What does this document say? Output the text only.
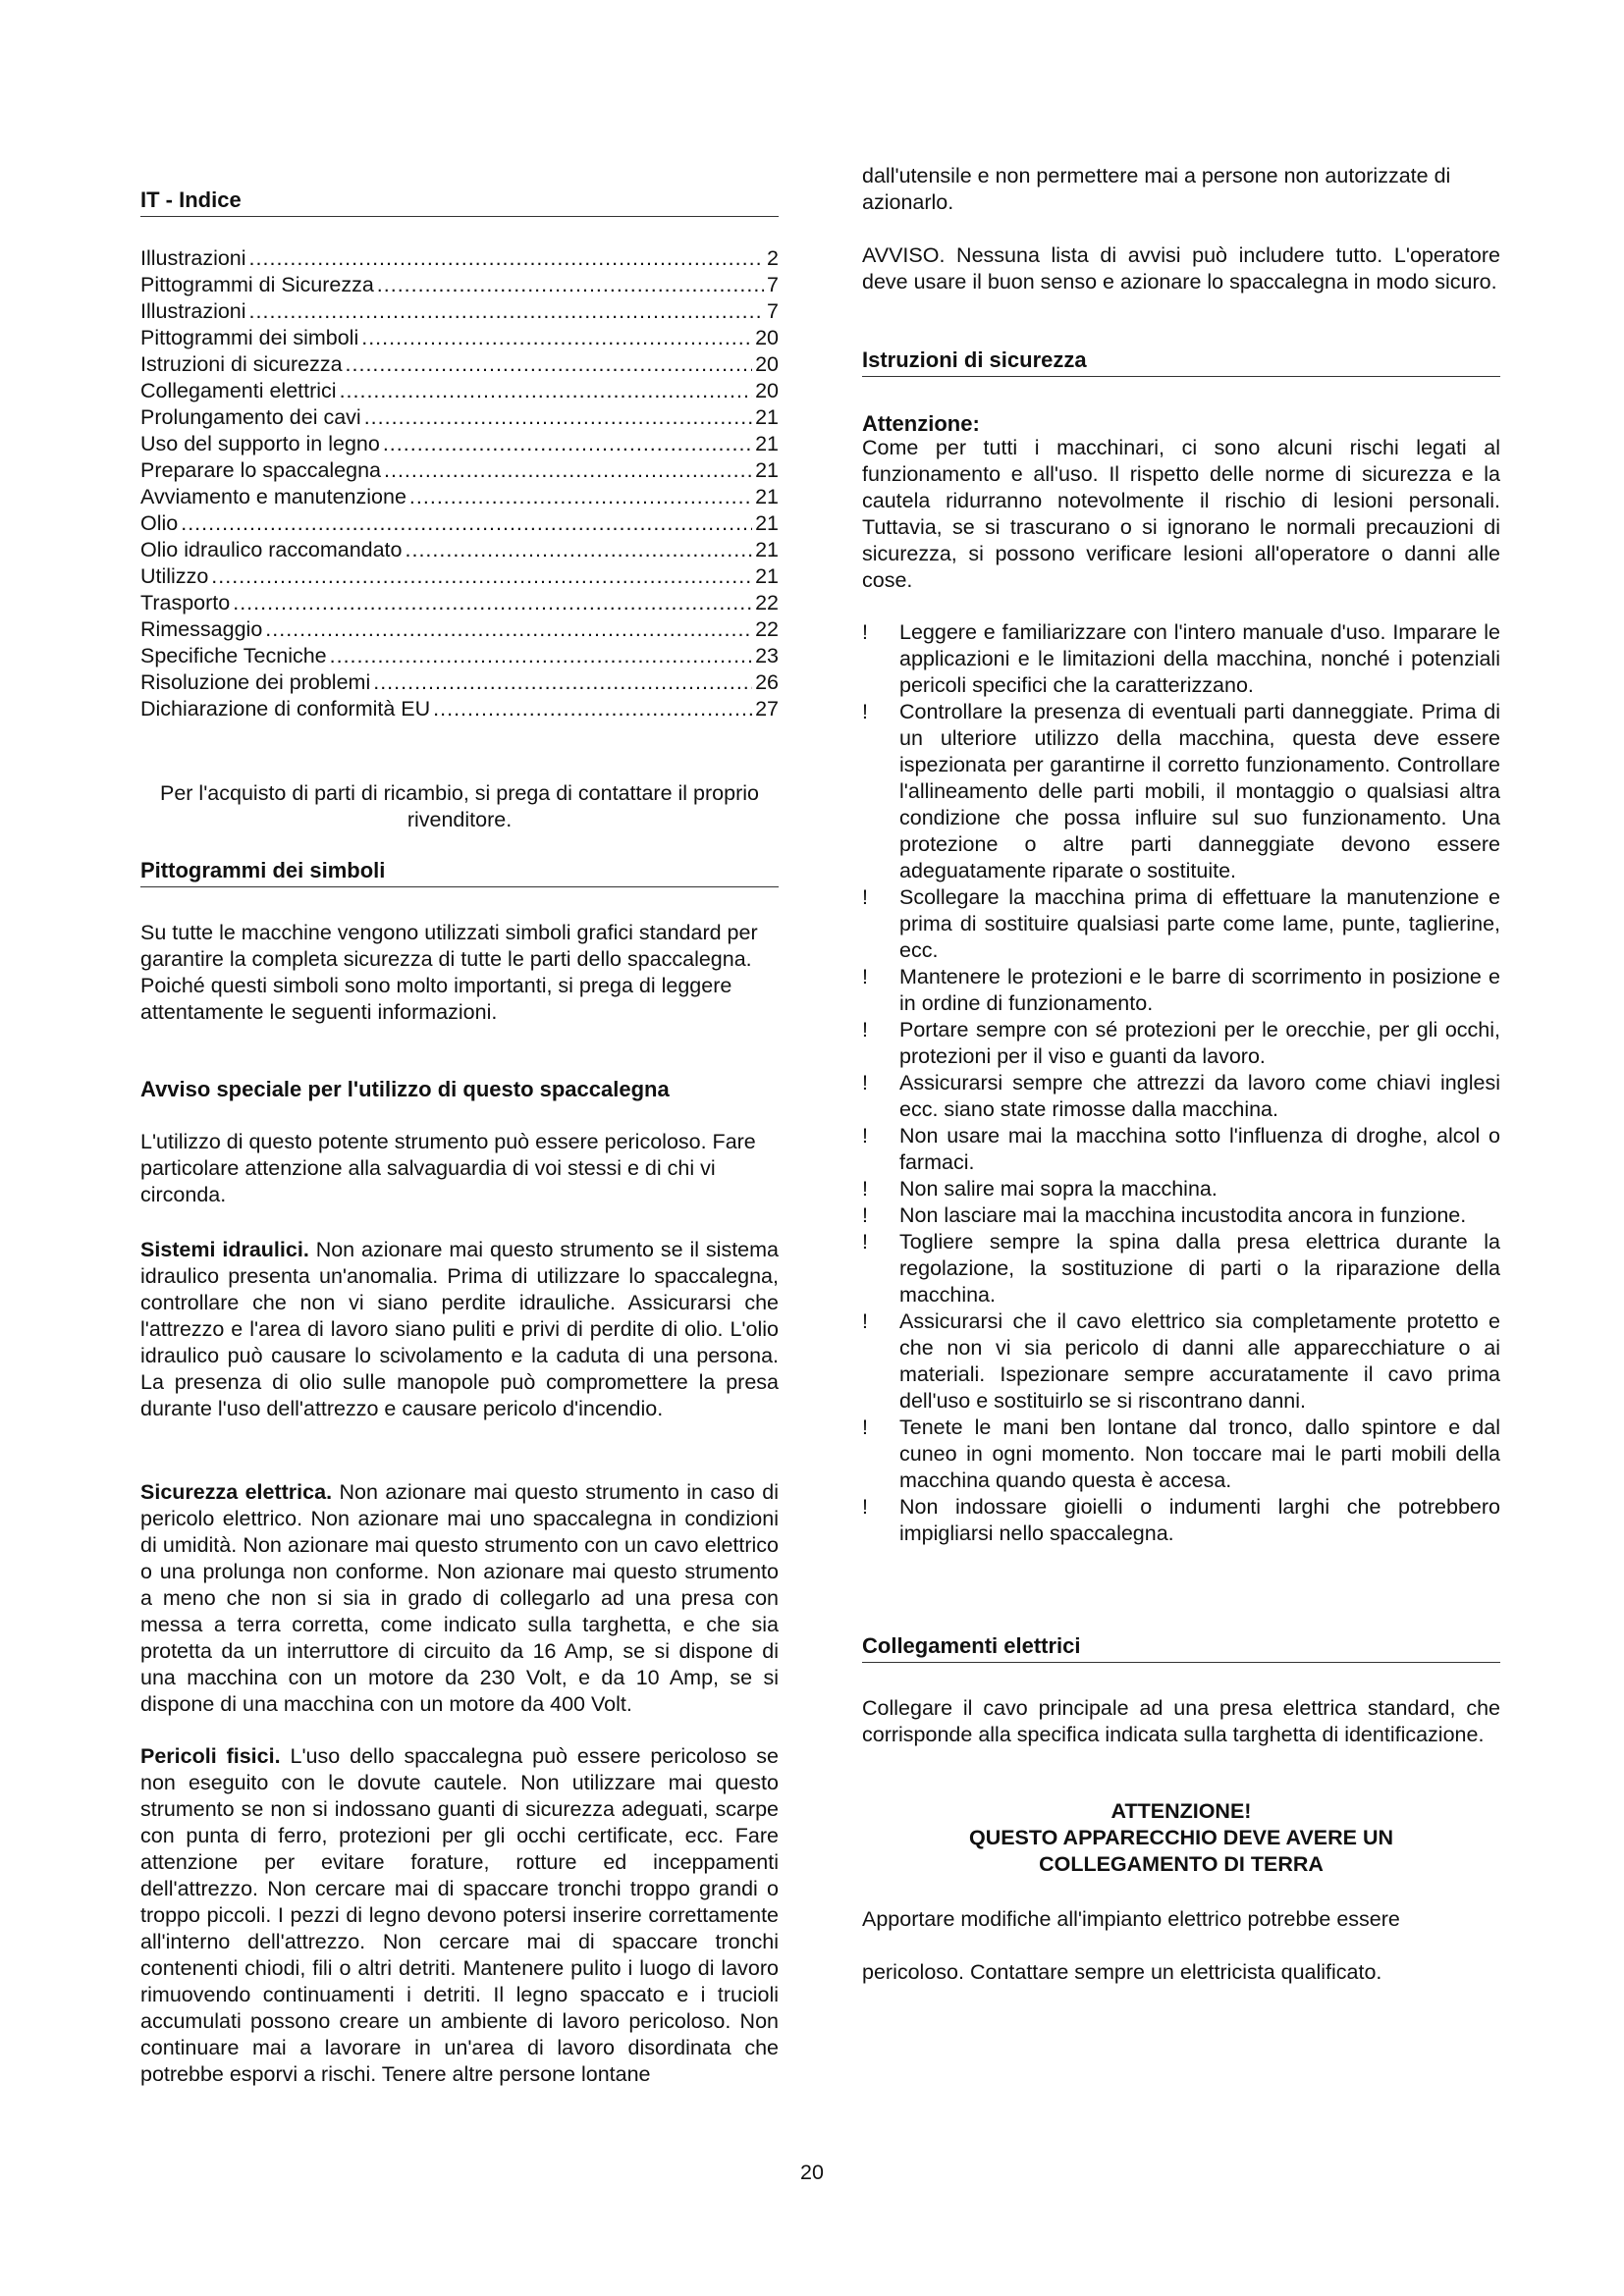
IT - Indice
Illustrazioni .....	2
Pittogrammi di Sicurezza .....	7
Illustrazioni .....	7
Pittogrammi dei simboli .....	20
Istruzioni di sicurezza .....	20
Collegamenti elettrici .....	20
Prolungamento dei cavi .....	21
Uso del supporto in legno .....	21
Preparare lo spaccalegna .....	21
Avviamento e manutenzione .....	21
Olio .....	21
Olio idraulico raccomandato .....	21
Utilizzo .....	21
Trasporto .....	22
Rimessaggio .....	22
Specifiche Tecniche .....	23
Risoluzione dei problemi .....	26
Dichiarazione di conformità EU .....	27

Per l'acquisto di parti di ricambio, si prega di contattare il proprio rivenditore.

Pittogrammi dei simboli

Su tutte le macchine vengono utilizzati simboli grafici standard per garantire la completa sicurezza di tutte le parti dello spaccalegna. Poiché questi simboli sono molto importanti, si prega di leggere attentamente le seguenti informazioni.

Avviso speciale per l'utilizzo di questo spaccalegna

L'utilizzo di questo potente strumento può essere pericoloso. Fare particolare attenzione alla salvaguardia di voi stessi e di chi vi circonda.

Sistemi idraulici. Non azionare mai questo strumento se il sistema idraulico presenta un'anomalia. Prima di utilizzare lo spaccalegna, controllare che non vi siano perdite idrauliche. Assicurarsi che l'attrezzo e l'area di lavoro siano puliti e privi di perdite di olio. L'olio idraulico può causare lo scivolamento e la caduta di una persona. La presenza di olio sulle manopole può compromettere la presa durante l'uso dell'attrezzo e causare pericolo d'incendio.

Sicurezza elettrica. Non azionare mai questo strumento in caso di pericolo elettrico. Non azionare mai uno spaccalegna in condizioni di umidità. Non azionare mai questo strumento con un cavo elettrico o una prolunga non conforme. Non azionare mai questo strumento a meno che non si sia in grado di collegarlo ad una presa con messa a terra corretta, come indicato sulla targhetta, e che sia protetta da un interruttore di circuito da 16 Amp, se si dispone di una macchina con un motore da 230 Volt, e da 10 Amp, se si dispone di una macchina con un motore da 400 Volt.

Pericoli fisici. L'uso dello spaccalegna può essere pericoloso se non eseguito con le dovute cautele. Non utilizzare mai questo strumento se non si indossano guanti di sicurezza adeguati, scarpe con punta di ferro, protezioni per gli occhi certificate, ecc. Fare attenzione per evitare forature, rotture ed inceppamenti dell'attrezzo. Non cercare mai di spaccare tronchi troppo grandi o troppo piccoli. I pezzi di legno devono potersi inserire correttamente all'interno dell'attrezzo. Non cercare mai di spaccare tronchi contenenti chiodi, fili o altri detriti. Mantenere pulito i luogo di lavoro rimuovendo continuamenti i detriti. Il legno spaccato e i trucioli accumulati possono creare un ambiente di lavoro pericoloso. Non continuare mai a lavorare in un'area di lavoro disordinata che potrebbe esporvi a rischi. Tenere altre persone lontane

dall'utensile e non permettere mai a persone non autorizzate di azionarlo.

AVVISO. Nessuna lista di avvisi può includere tutto. L'operatore deve usare il buon senso e azionare lo spaccalegna in modo sicuro.

Istruzioni di sicurezza

Attenzione:

Come per tutti i macchinari, ci sono alcuni rischi legati al funzionamento e all'uso. Il rispetto delle norme di sicurezza e la cautela ridurranno notevolmente il rischio di lesioni personali. Tuttavia, se si trascurano o si ignorano le normali precauzioni di sicurezza, si possono verificare lesioni all'operatore o danni alle cose.

! Leggere e familiarizzare con l'intero manuale d'uso. Imparare le applicazioni e le limitazioni della macchina, nonché i potenziali pericoli specifici che la caratterizzano.
! Controllare la presenza di eventuali parti danneggiate. Prima di un ulteriore utilizzo della macchina, questa deve essere ispezionata per garantirne il corretto funzionamento. Controllare l'allineamento delle parti mobili, il montaggio o qualsiasi altra condizione che possa influire sul suo funzionamento. Una protezione o altre parti danneggiate devono essere adeguatamente riparate o sostituite.
! Scollegare la macchina prima di effettuare la manutenzione e prima di sostituire qualsiasi parte come lame, punte, taglierine, ecc.
! Mantenere le protezioni e le barre di scorrimento in posizione e in ordine di funzionamento.
! Portare sempre con sé protezioni per le orecchie, per gli occhi, protezioni per il viso e guanti da lavoro.
! Assicurarsi sempre che attrezzi da lavoro come chiavi inglesi ecc. siano state rimosse dalla macchina.
! Non usare mai la macchina sotto l'influenza di droghe, alcol o farmaci.
! Non salire mai sopra la macchina.
! Non lasciare mai la macchina incustodita ancora in funzione.
! Togliere sempre la spina dalla presa elettrica durante la regolazione, la sostituzione di parti o la riparazione della macchina.
! Assicurarsi che il cavo elettrico sia completamente protetto e che non vi sia pericolo di danni alle apparecchiature o ai materiali. Ispezionare sempre accuratamente il cavo prima dell'uso e sostituirlo se si riscontrano danni.
! Tenete le mani ben lontane dal tronco, dallo spintore e dal cuneo in ogni momento. Non toccare mai le parti mobili della macchina quando questa è accesa.
! Non indossare gioielli o indumenti larghi che potrebbero impigliarsi nello spaccalegna.
Collegamenti elettrici

Collegare il cavo principale ad una presa elettrica standard, che corrisponde alla specifica indicata sulla targhetta di identificazione.

ATTENZIONE!
QUESTO APPARECCHIO DEVE AVERE UN
COLLEGAMENTO DI TERRA

Apportare modifiche all'impianto elettrico potrebbe essere

pericoloso. Contattare sempre un elettricista qualificato.

20
